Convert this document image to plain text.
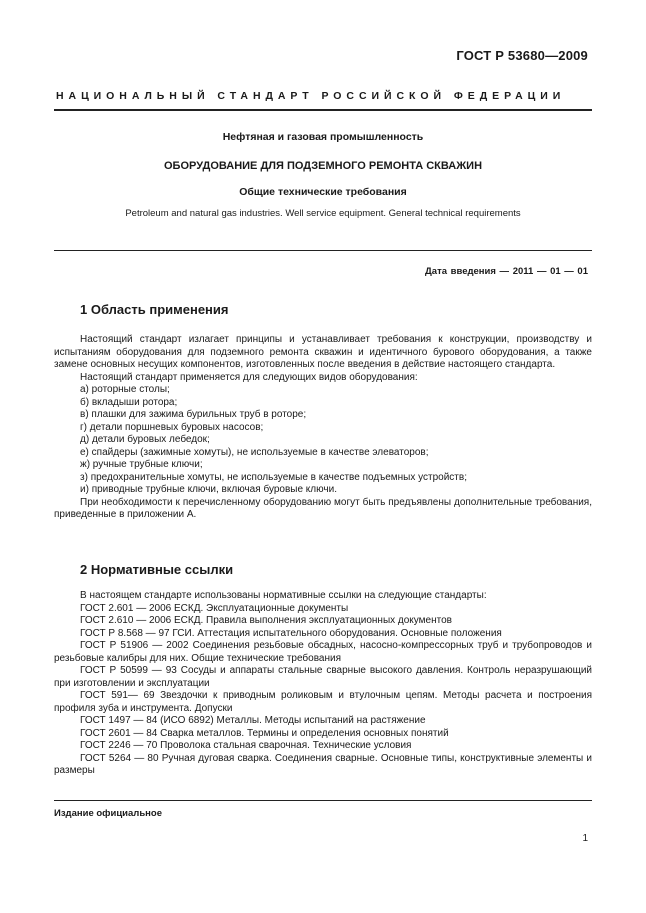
ГОСТ Р 53680—2009
НАЦИОНАЛЬНЫЙ СТАНДАРТ РОССИЙСКОЙ ФЕДЕРАЦИИ
Нефтяная и газовая промышленность
ОБОРУДОВАНИЕ ДЛЯ ПОДЗЕМНОГО РЕМОНТА СКВАЖИН
Общие технические требования
Petroleum and natural gas industries. Well service equipment. General technical requirements
Дата введения — 2011 — 01 — 01
1 Область применения

Настоящий стандарт излагает принципы и устанавливает требования к конструкции, производству и испытаниям оборудования для подземного ремонта скважин и идентичного бурового оборудования, а также замене основных несущих компонентов, изготовленных после введения в действие настоящего стандарта.

Настоящий стандарт применяется для следующих видов оборудования:

а) роторные столы;

б) вкладыши ротора;

в) плашки для зажима бурильных труб в роторе;

г) детали поршневых буровых насосов;

д) детали буровых лебедок;

е) спайдеры (зажимные хомуты), не используемые в качестве элеваторов;

ж) ручные трубные ключи;

з) предохранительные хомуты, не используемые в качестве подъемных устройств;

и) приводные трубные ключи, включая буровые ключи.

При необходимости к перечисленному оборудованию могут быть предъявлены дополнительные требования, приведенные в приложении А.

2 Нормативные ссылки

В настоящем стандарте использованы нормативные ссылки на следующие стандарты:

ГОСТ 2.601 — 2006 ЕСКД. Эксплуатационные документы

ГОСТ 2.610 — 2006 ЕСКД. Правила выполнения эксплуатационных документов

ГОСТ Р 8.568 — 97 ГСИ. Аттестация испытательного оборудования. Основные положения

ГОСТ Р 51906 — 2002 Соединения резьбовые обсадных, насосно-компрессорных труб и трубопроводов и резьбовые калибры для них. Общие технические требования

ГОСТ Р 50599 — 93 Сосуды и аппараты стальные сварные высокого давления. Контроль неразрушающий при изготовлении и эксплуатации

ГОСТ 591— 69 Звездочки к приводным роликовым и втулочным цепям. Методы расчета и построения профиля зуба и инструмента. Допуски

ГОСТ 1497 — 84 (ИСО 6892) Металлы. Методы испытаний на растяжение

ГОСТ 2601 — 84 Сварка металлов. Термины и определения основных понятий

ГОСТ 2246 — 70 Проволока стальная сварочная. Технические условия

ГОСТ 5264 — 80 Ручная дуговая сварка. Соединения сварные. Основные типы, конструктивные элементы и размеры

Издание официальное
1
